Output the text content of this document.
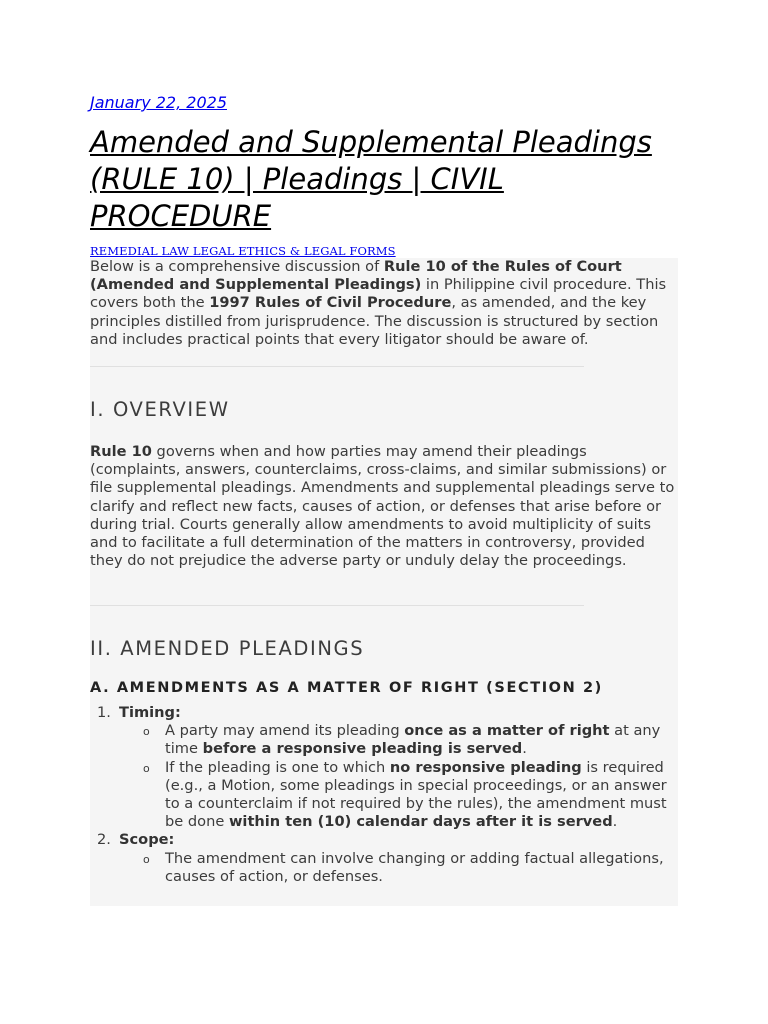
January 22, 2025
Amended and Supplemental Pleadings (RULE 10) | Pleadings | CIVIL PROCEDURE
REMEDIAL LAW LEGAL ETHICS & LEGAL FORMS

Below is a comprehensive discussion of Rule 10 of the Rules of Court (Amended and Supplemental Pleadings) in Philippine civil procedure. This covers both the 1997 Rules of Civil Procedure, as amended, and the key principles distilled from jurisprudence. The discussion is structured by section and includes practical points that every litigator should be aware of.

I. OVERVIEW

Rule 10 governs when and how parties may amend their pleadings (complaints, answers, counterclaims, cross-claims, and similar submissions) or file supplemental pleadings. Amendments and supplemental pleadings serve to clarify and reflect new facts, causes of action, or defenses that arise before or during trial. Courts generally allow amendments to avoid multiplicity of suits and to facilitate a full determination of the matters in controversy, provided they do not prejudice the adverse party or unduly delay the proceedings.

II. AMENDED PLEADINGS
A. AMENDMENTS AS A MATTER OF RIGHT (SECTION 2)
1. Timing:
o A party may amend its pleading once as a matter of right at any time before a responsive pleading is served.
o If the pleading is one to which no responsive pleading is required (e.g., a Motion, some pleadings in special proceedings, or an answer to a counterclaim if not required by the rules), the amendment must be done within ten (10) calendar days after it is served.
2. Scope:
o The amendment can involve changing or adding factual allegations, causes of action, or defenses.
